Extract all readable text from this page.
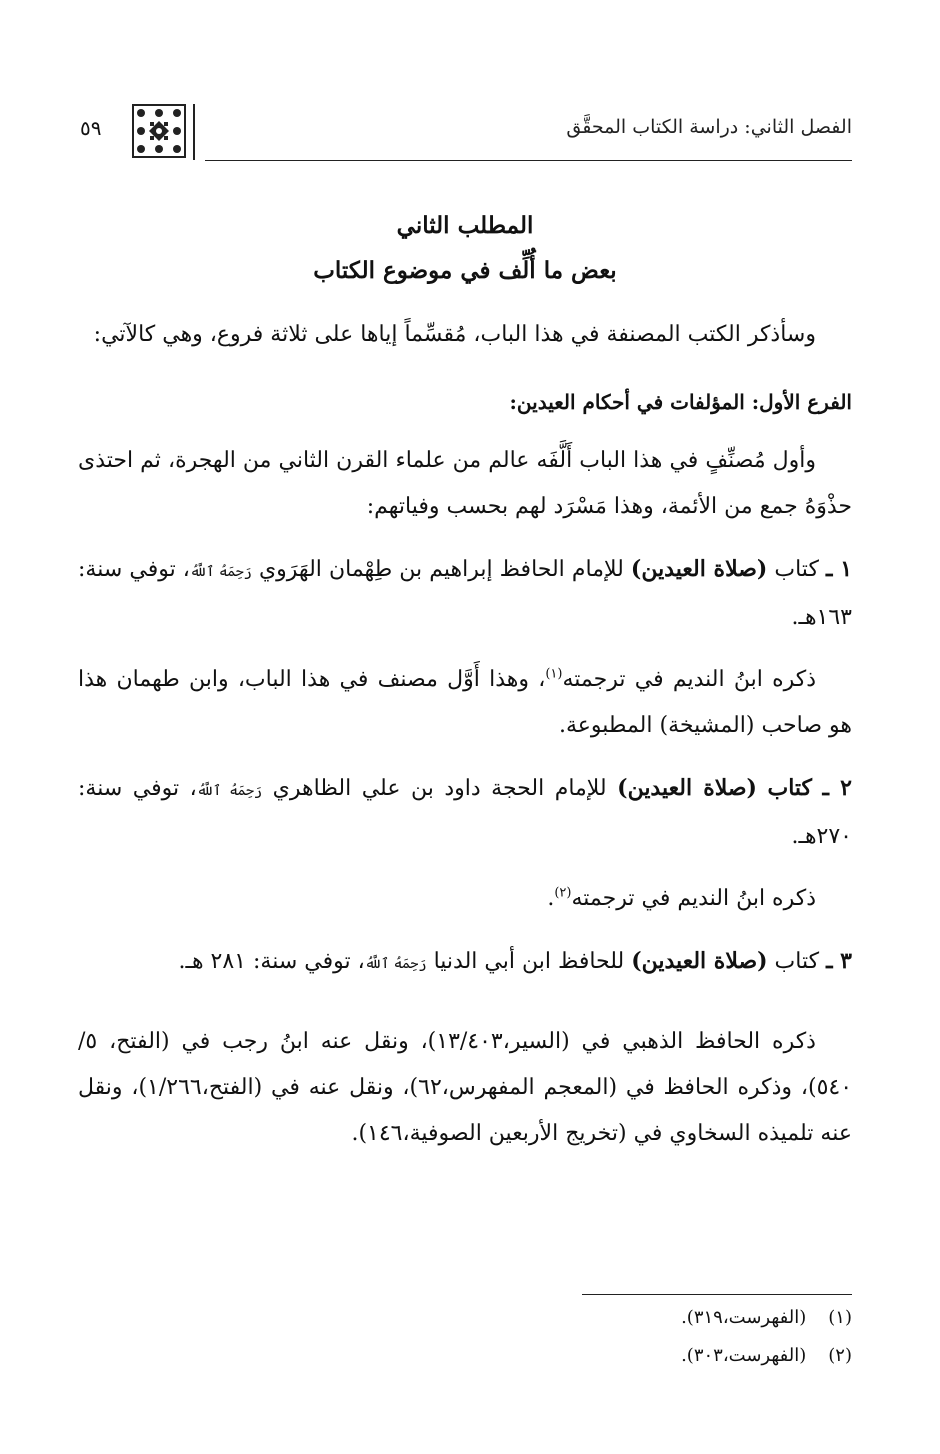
الفصل الثاني: دراسة الكتاب المحقَّق
٥٩
المطلب الثاني
بعض ما أُلِّف في موضوع الكتاب

وسأذكر الكتب المصنفة في هذا الباب، مُقسِّماً إياها على ثلاثة فروع، وهي كالآتي:

الفرع الأول: المؤلفات في أحكام العيدين:

وأول مُصنِّفٍ في هذا الباب أَلَّفَه عالم من علماء القرن الثاني من الهجرة، ثم احتذى حذْوَهُ جمع من الأئمة، وهذا مَسْرَد لهم بحسب وفياتهم:

١ ـ كتاب (صلاة العيدين) للإمام الحافظ إبراهيم بن طِهْمان الهَرَوي رَحِمَهُ ٱللَّهُ، توفي سنة: ١٦٣هـ.

ذكره ابنُ النديم في ترجمته$^{(١)}$، وهذا أَوَّل مصنف في هذا الباب، وابن طهمان هذا هو صاحب (المشيخة) المطبوعة.

٢ ـ كتاب (صلاة العيدين) للإمام الحجة داود بن علي الظاهري رَحِمَهُ ٱللَّهُ، توفي سنة: ٢٧٠هـ.

ذكره ابنُ النديم في ترجمته$^{(٢)}$.

٣ ـ كتاب (صلاة العيدين) للحافظ ابن أبي الدنيا رَحِمَهُ ٱللَّهُ، توفي سنة: ٢٨١ هـ.

ذكره الحافظ الذهبي في (السير،١٣/٤٠٣)، ونقل عنه ابنُ رجب في (الفتح، ٥/ ٥٤٠)، وذكره الحافظ في (المعجم المفهرس،٦٢)، ونقل عنه في (الفتح،١/٢٦٦)، ونقل عنه تلميذه السخاوي في (تخريج الأربعين الصوفية،١٤٦).

(١) (الفهرست،٣١٩).

(٢) (الفهرست،٣٠٣).
